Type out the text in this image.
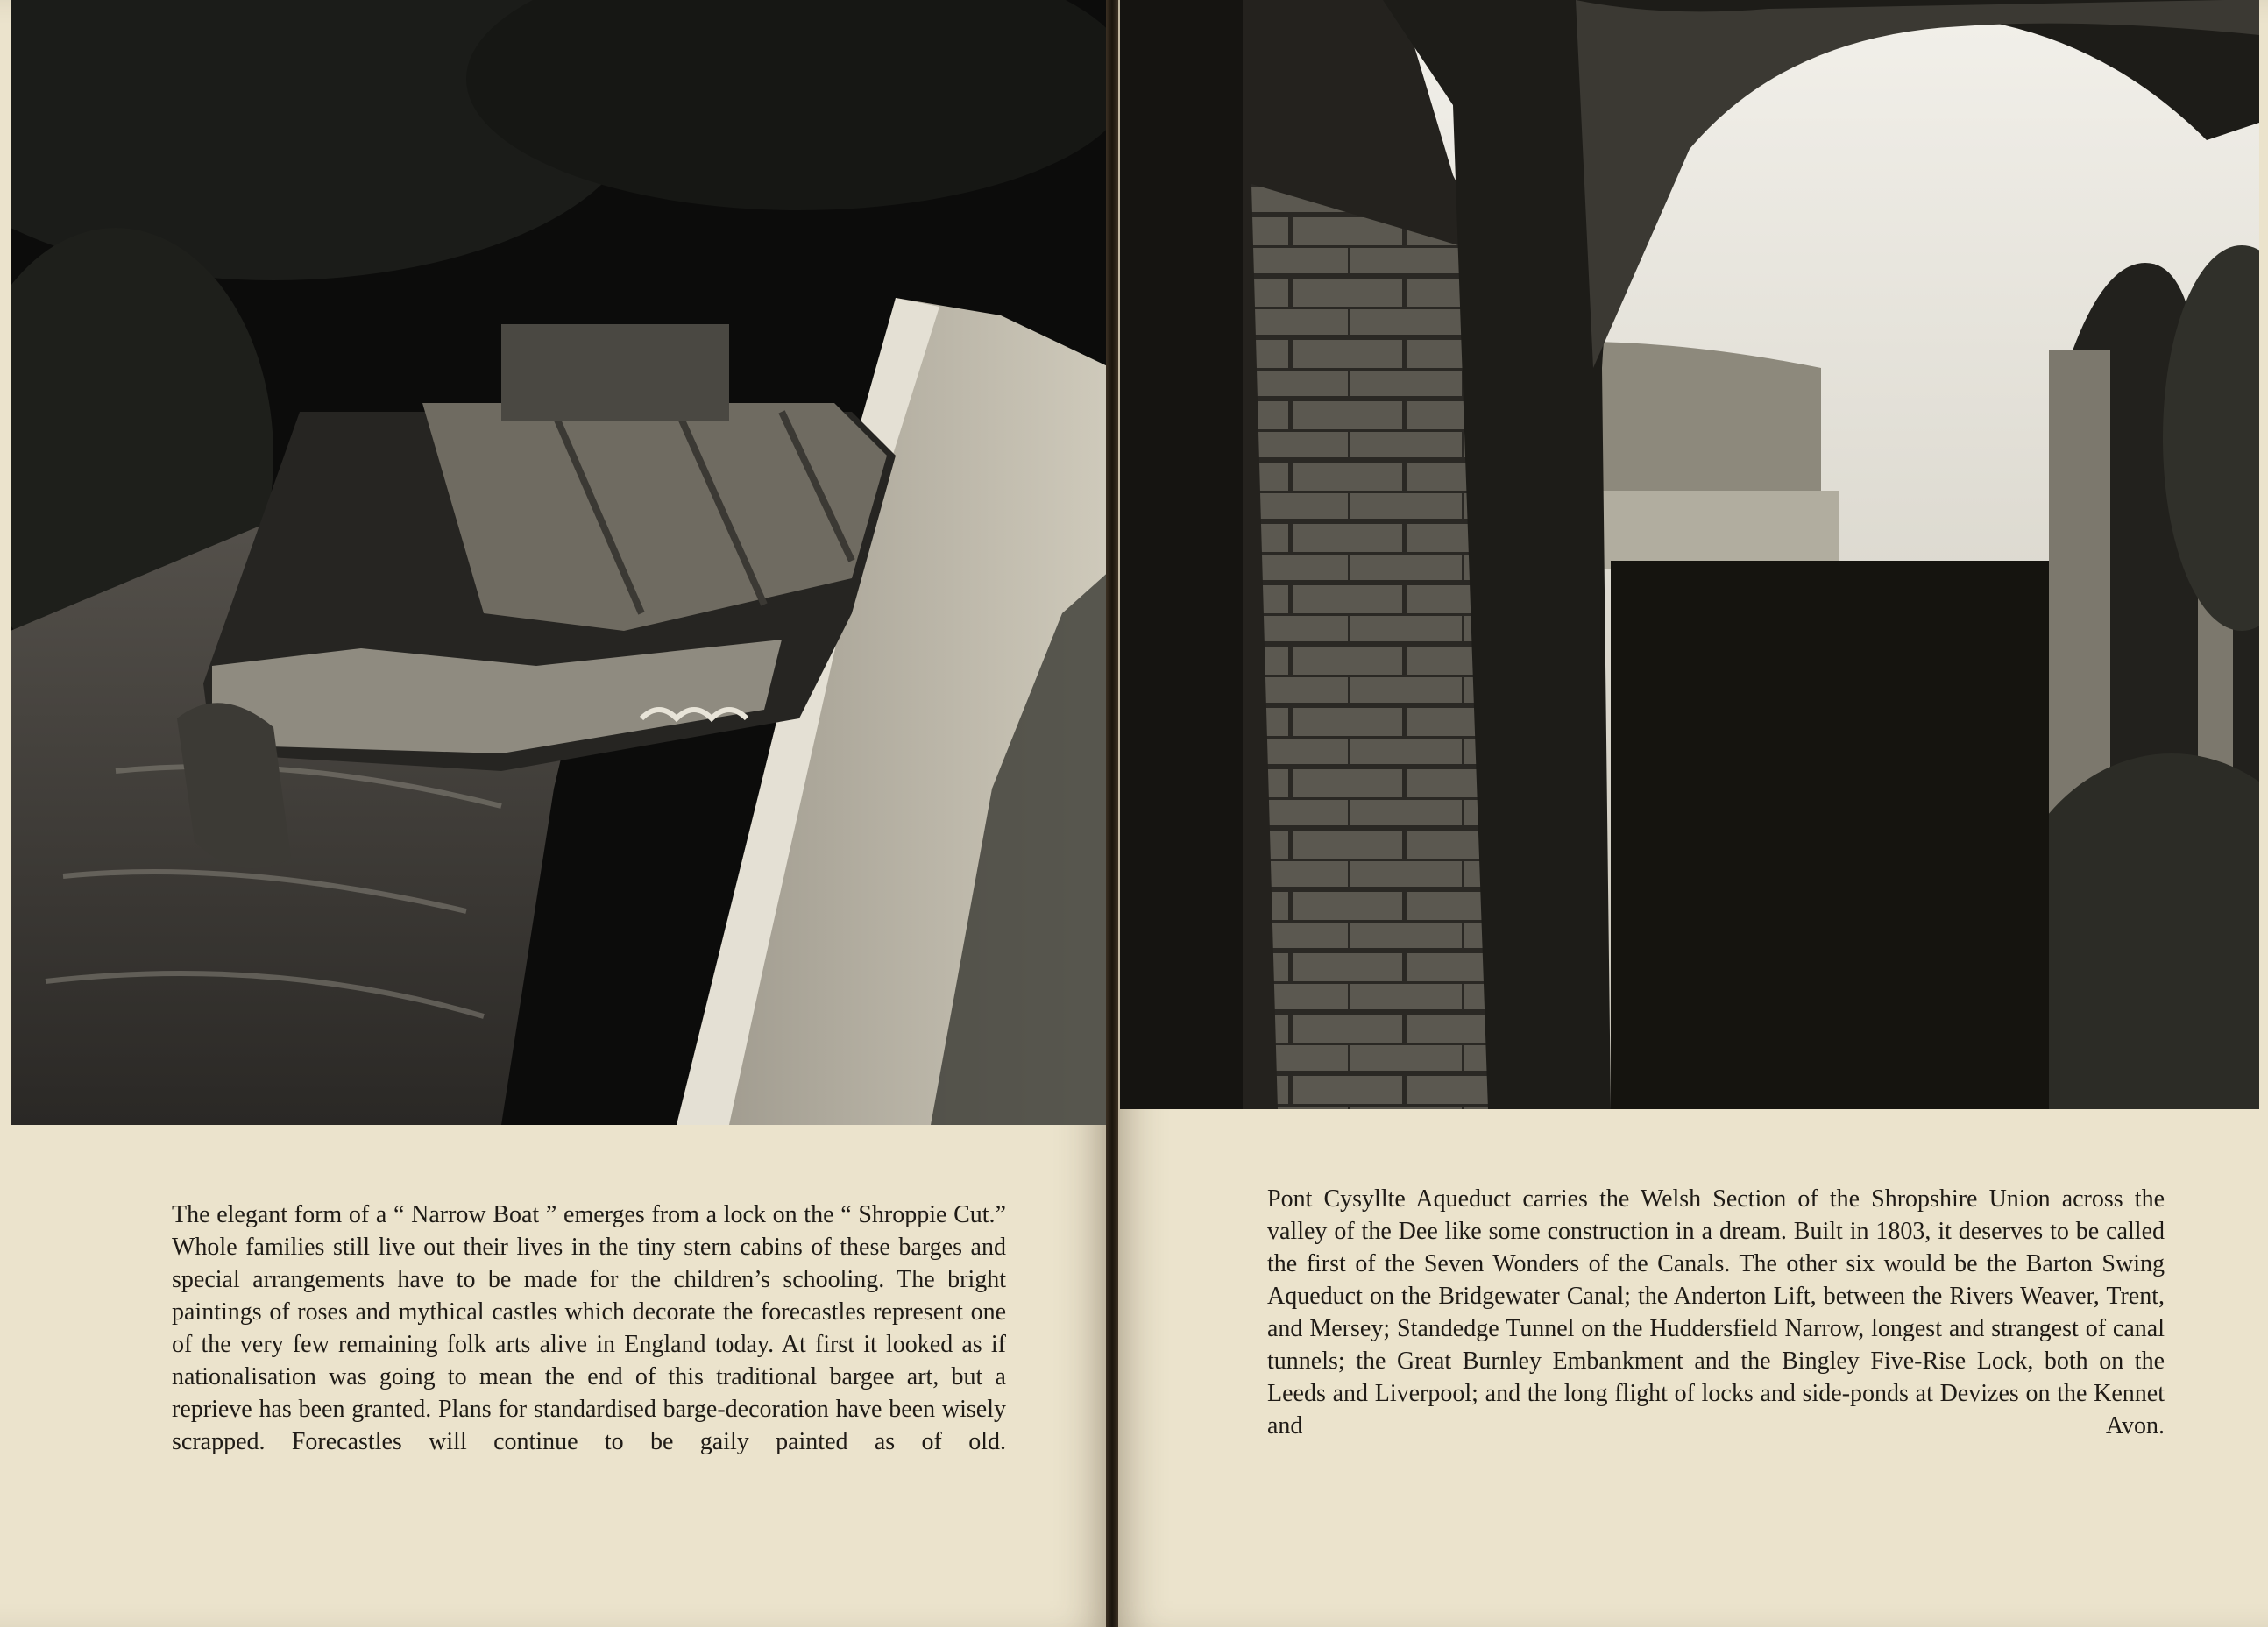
The elegant form of a “ Narrow Boat ” emerges from a lock on the “ Shroppie Cut.” Whole families still live out their lives in the tiny stern cabins of these barges and special arrangements have to be made for the children’s schooling. The bright paintings of roses and mythical castles which decorate the forecastles represent one of the very few remaining folk arts alive in England today. At first it looked as if nationalisation was going to mean the end of this traditional bargee art, but a reprieve has been granted. Plans for standardised barge-decoration have been wisely scrapped. Forecastles will continue to be gaily painted as of old.
Pont Cysyllte Aqueduct carries the Welsh Section of the Shropshire Union across the valley of the Dee like some construction in a dream. Built in 1803, it deserves to be called the first of the Seven Wonders of the Canals. The other six would be the Barton Swing Aqueduct on the Bridgewater Canal; the Anderton Lift, between the Rivers Weaver, Trent, and Mersey; Standedge Tunnel on the Huddersfield Narrow, longest and strangest of canal tunnels; the Great Burnley Embankment and the Bingley Five-Rise Lock, both on the Leeds and Liverpool; and the long flight of locks and side-ponds at Devizes on the Kennet and Avon.
